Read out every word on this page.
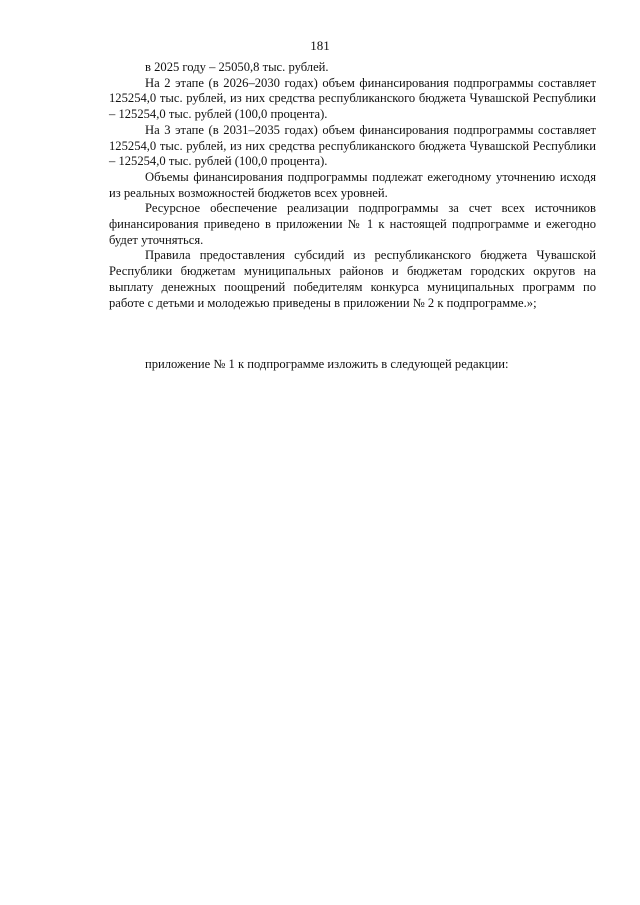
181

в 2025 году – 25050,8 тыс. рублей.

На 2 этапе (в 2026–2030 годах) объем финансирования подпрограммы составляет 125254,0 тыс. рублей, из них средства республиканского бюджета Чувашской Республики – 125254,0 тыс. рублей (100,0 процента).

На 3 этапе (в 2031–2035 годах) объем финансирования подпрограммы составляет 125254,0 тыс. рублей, из них средства республиканского бюджета Чувашской Республики – 125254,0 тыс. рублей (100,0 процента).

Объемы финансирования подпрограммы подлежат ежегодному уточнению исходя из реальных возможностей бюджетов всех уровней.

Ресурсное обеспечение реализации подпрограммы за счет всех источников финансирования приведено в приложении № 1 к настоящей подпрограмме и ежегодно будет уточняться.

Правила предоставления субсидий из республиканского бюджета Чувашской Республики бюджетам муниципальных районов и бюджетам городских округов на выплату денежных поощрений победителям конкурса муниципальных программ по работе с детьми и молодежью приведены в приложении № 2 к подпрограмме.»;

приложение № 1 к подпрограмме изложить в следующей редакции:
